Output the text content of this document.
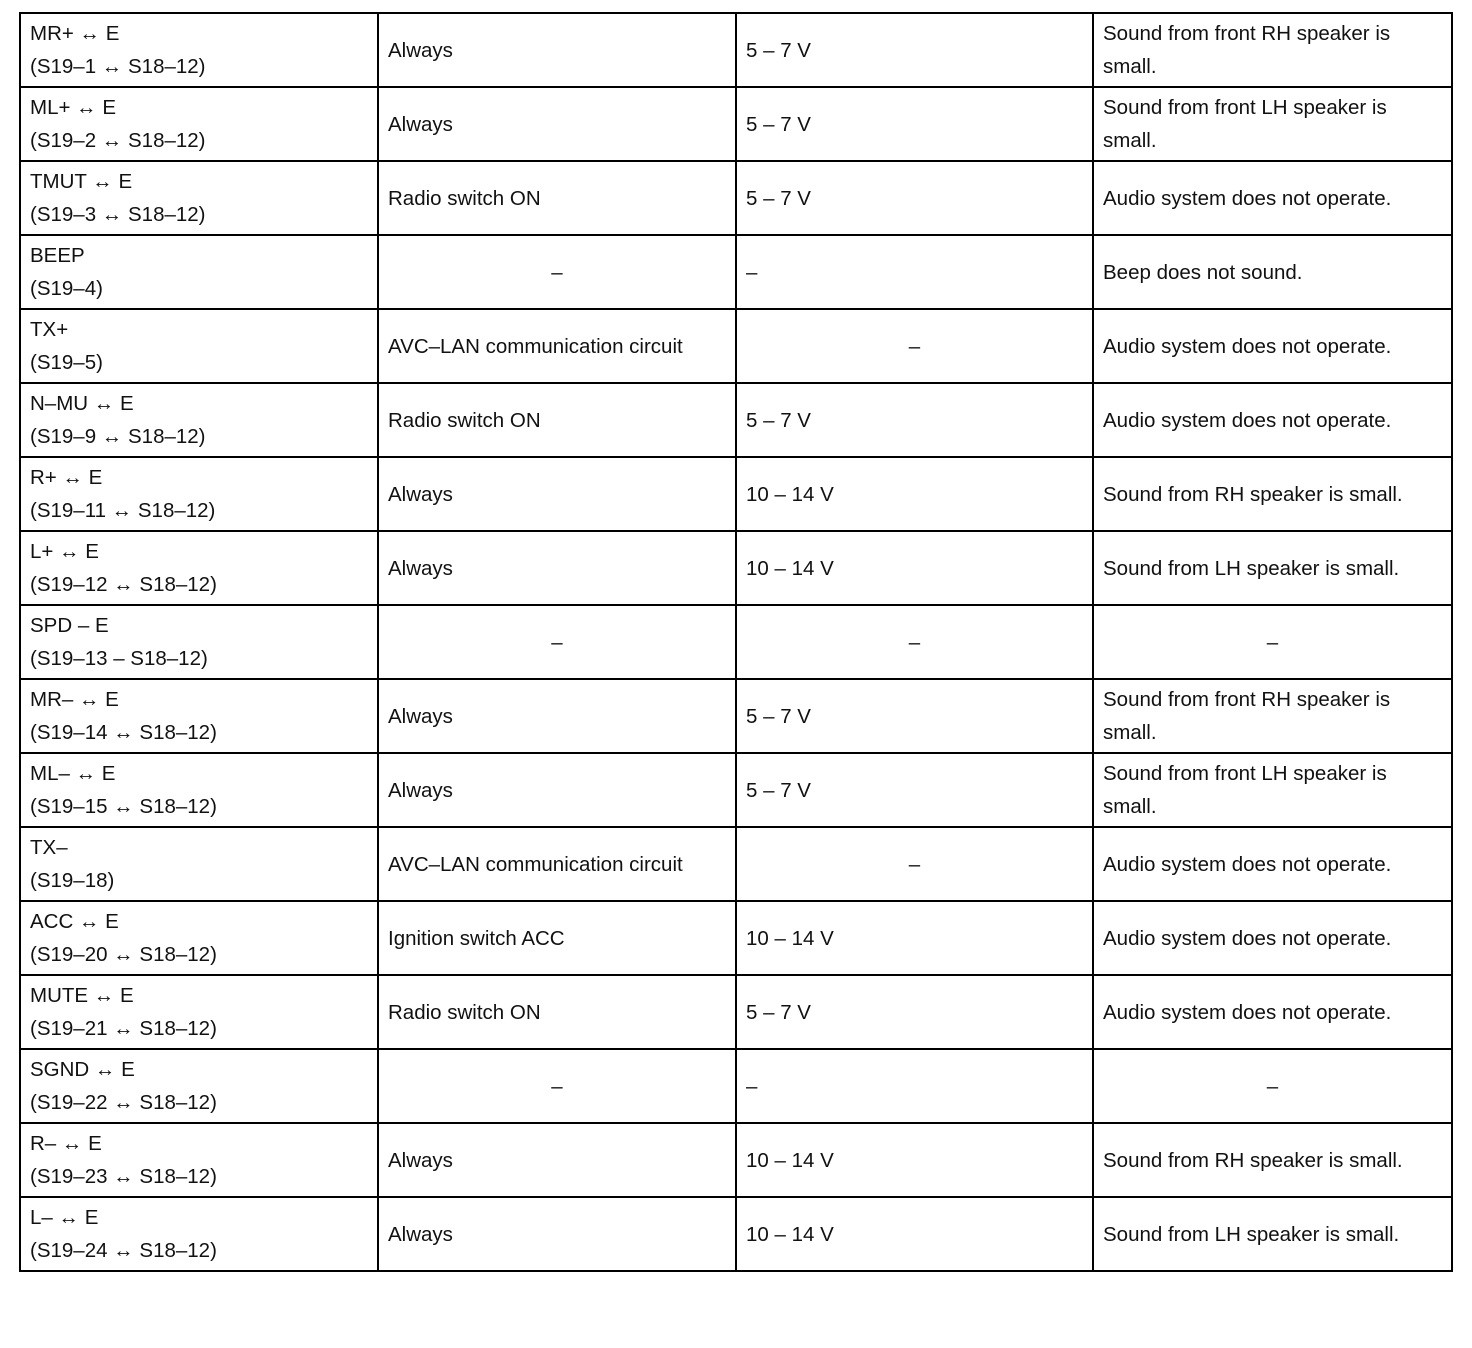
MR+ ↔ E
(S19–1 ↔ S18–12)	Always	5 – 7 V	Sound from front RH speaker is small.

ML+ ↔ E
(S19–2 ↔ S18–12)	Always	5 – 7 V	Sound from front LH speaker is small.

TMUT ↔ E
(S19–3 ↔ S18–12)	Radio switch ON	5 – 7 V	Audio system does not operate.

BEEP
(S19–4)	–	–	Beep does not sound.

TX+
(S19–5)	AVC–LAN communication circuit	–	Audio system does not operate.

N–MU ↔ E
(S19–9 ↔ S18–12)	Radio switch ON	5 – 7 V	Audio system does not operate.

R+ ↔ E
(S19–11 ↔ S18–12)	Always	10 – 14 V	Sound from RH speaker is small.

L+ ↔ E
(S19–12 ↔ S18–12)	Always	10 – 14 V	Sound from LH speaker is small.

SPD – E
(S19–13 – S18–12)	–	–	–

MR– ↔ E
(S19–14 ↔ S18–12)	Always	5 – 7 V	Sound from front RH speaker is small.

ML– ↔ E
(S19–15 ↔ S18–12)	Always	5 – 7 V	Sound from front LH speaker is small.

TX–
(S19–18)	AVC–LAN communication circuit	–	Audio system does not operate.

ACC ↔ E
(S19–20 ↔ S18–12)	Ignition switch ACC	10 – 14 V	Audio system does not operate.

MUTE ↔ E
(S19–21 ↔ S18–12)	Radio switch ON	5 – 7 V	Audio system does not operate.

SGND ↔ E
(S19–22 ↔ S18–12)	–	–	–

R– ↔ E
(S19–23 ↔ S18–12)	Always	10 – 14 V	Sound from RH speaker is small.

L– ↔ E
(S19–24 ↔ S18–12)	Always	10 – 14 V	Sound from LH speaker is small.
